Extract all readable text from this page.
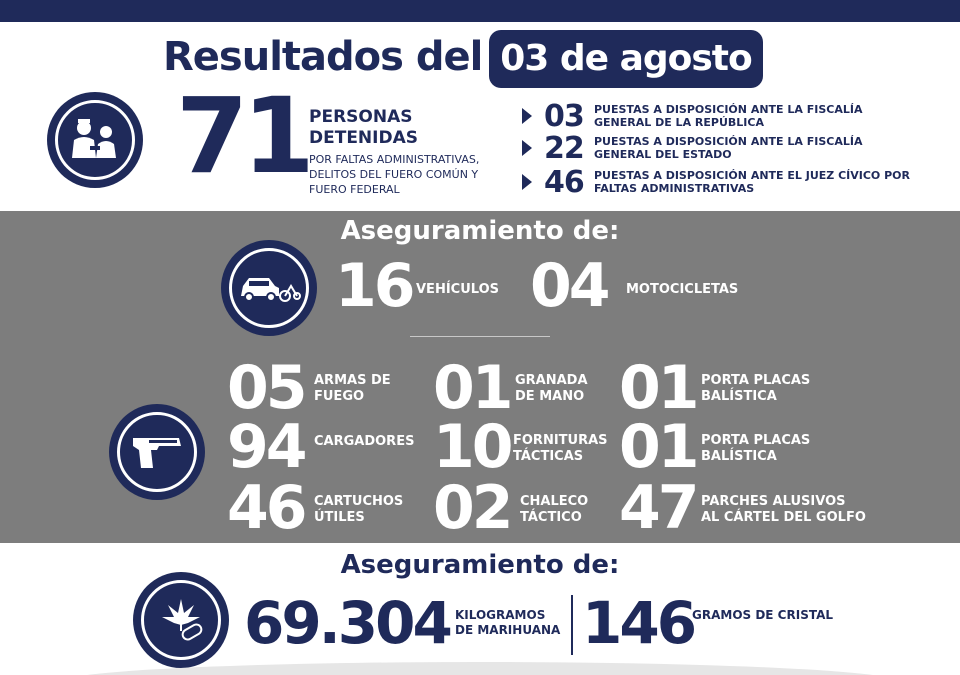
Resultados del 03 de agosto
71 PERSONAS
DETENIDAS
POR FALTAS ADMINISTRATIVAS, DELITOS DEL FUERO COMÚN Y FUERO FEDERAL
03 PUESTAS A DISPOSICIÓN ANTE LA FISCALÍA GENERAL DE LA REPÚBLICA
22 PUESTAS A DISPOSICIÓN ANTE LA FISCALÍA GENERAL DEL ESTADO
46 PUESTAS A DISPOSICIÓN ANTE EL JUEZ CÍVICO POR FALTAS ADMINISTRATIVAS
Aseguramiento de:
16 VEHÍCULOS 04 MOTOCICLETAS
05 ARMAS DE
FUEGO	01 GRANADA
DE MANO 01 PORTA PLACAS
BALÍSTICA
94 CARGADORES 10 FORNITURAS
TÁCTICAS 01 PORTA PLACAS
BALÍSTICA
46 CARTUCHOS
ÚTILES	02 CHALECO
TÁCTICO 47 PARCHES ALUSIVOS
AL CÁRTEL DEL GOLFO
Aseguramiento de:
69.304 KILOGRAMOS
DE MARIHUANA 146
GRAMOS DE CRISTAL
